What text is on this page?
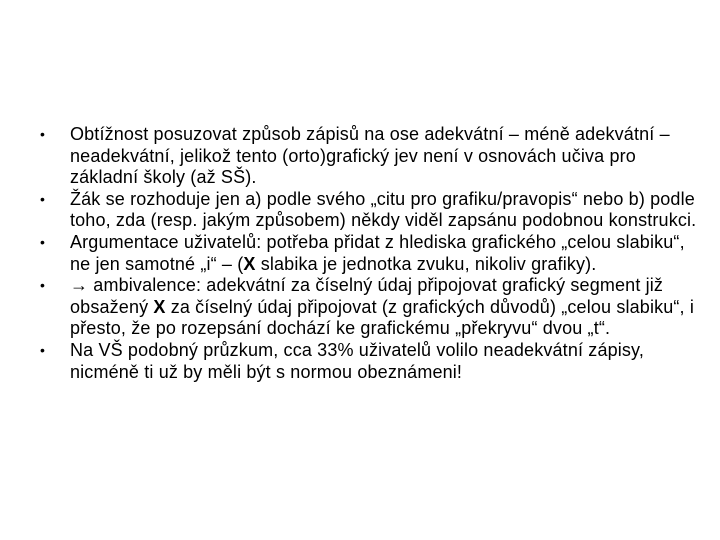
•	Obtížnost posuzovat způsob zápisů na ose adekvátní – méně adekvátní – neadekvátní, jelikož tento (orto)grafický jev není v osnovách učiva pro základní školy (až SŠ).
•	Žák se rozhoduje jen a) podle svého „citu pro grafiku/pravopis“ nebo b) podle toho, zda (resp. jakým způsobem) někdy viděl zapsánu podobnou konstrukci.
•	Argumentace uživatelů: potřeba přidat z hlediska grafického „celou slabiku“, ne jen samotné „i“ – (X slabika je jednotka zvuku, nikoliv grafiky).
•	→ ambivalence: adekvátní za číselný údaj připojovat grafický segment již obsažený X za číselný údaj připojovat (z grafických důvodů) „celou slabiku“, i přesto, že po rozepsání dochází ke grafickému „překryvu“ dvou „t“.
•	Na VŠ podobný průzkum, cca 33% uživatelů volilo neadekvátní zápisy, nicméně ti už by měli být s normou obeznámeni!
